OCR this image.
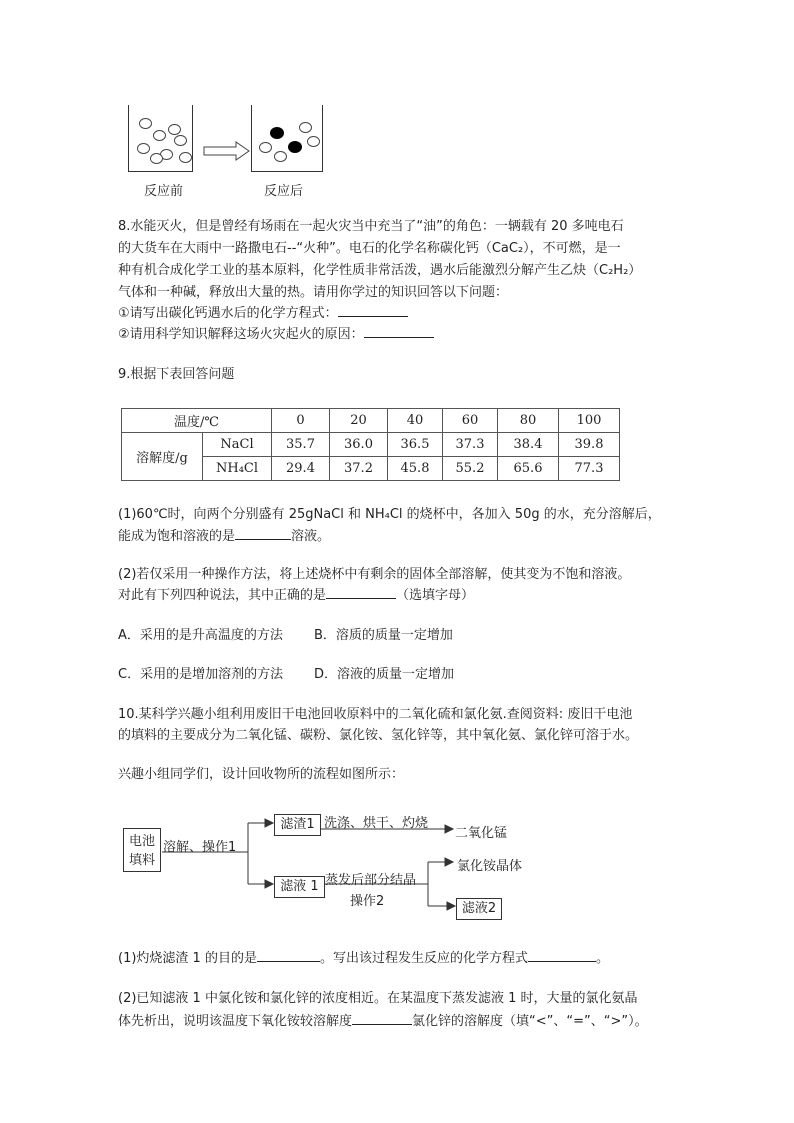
反应前	反应后
8.水能灭火，但是曾经有场雨在一起火灾当中充当了“油”的角色：一辆载有 20 多吨电石
的大货车在大雨中一路撒电石--“火种”。电石的化学名称碳化钙（CaC₂），不可燃，是一
种有机合成化学工业的基本原料，化学性质非常活泼，遇水后能激烈分解产生乙炔（C₂H₂）
气体和一种碱，释放出大量的热。请用你学过的知识回答以下问题：
①请写出碳化钙遇水后的化学方程式：
②请用科学知识解释这场火灾起火的原因：
9.根据下表回答问题
温度/℃		0	20	40	60	80	100
溶解度/g	NaCl	35.7	36.0	36.5	37.3	38.4	39.8
	NH₄Cl	29.4	37.2	45.8	55.2	65.6	77.3
(1)60℃时，向两个分别盛有 25gNaCl 和 NH₄Cl 的烧杯中，各加入 50g 的水，充分溶解后，
能成为饱和溶液的是	溶液。
(2)若仅采用一种操作方法，将上述烧杯中有剩余的固体全部溶解，使其变为不饱和溶液。
对此有下列四种说法，其中正确的是	（选填字母）
A．采用的是升高温度的方法 B．溶质的质量一定增加
C．采用的是增加溶剂的方法 D．溶液的质量一定增加
10.某科学兴趣小组利用废旧干电池回收原料中的二氧化硫和氯化氨.查阅资料: 废旧干电池
的填料的主要成分为二氧化锰、碳粉、氯化铵、氢化锌等，其中氧化氨、氯化锌可溶于水。
兴趣小组同学们，设计回收物所的流程如图所示：
电池填料
溶解、操作1
滤渣1 洗涤、烘干、灼烧
二氧化锰
滤液 1 蒸发后部分结晶
操作2
氯化铵晶体
滤液2
(1)灼烧滤渣 1 的目的是	。写出该过程发生反应的化学方程式	。
(2)已知滤液 1 中氯化铵和氯化锌的浓度相近。在某温度下蒸发滤液 1 时，大量的氯化氨晶
体先析出，说明该温度下氧化铵较溶解度	氯化锌的溶解度（填“<”、“=”、“>”）。
